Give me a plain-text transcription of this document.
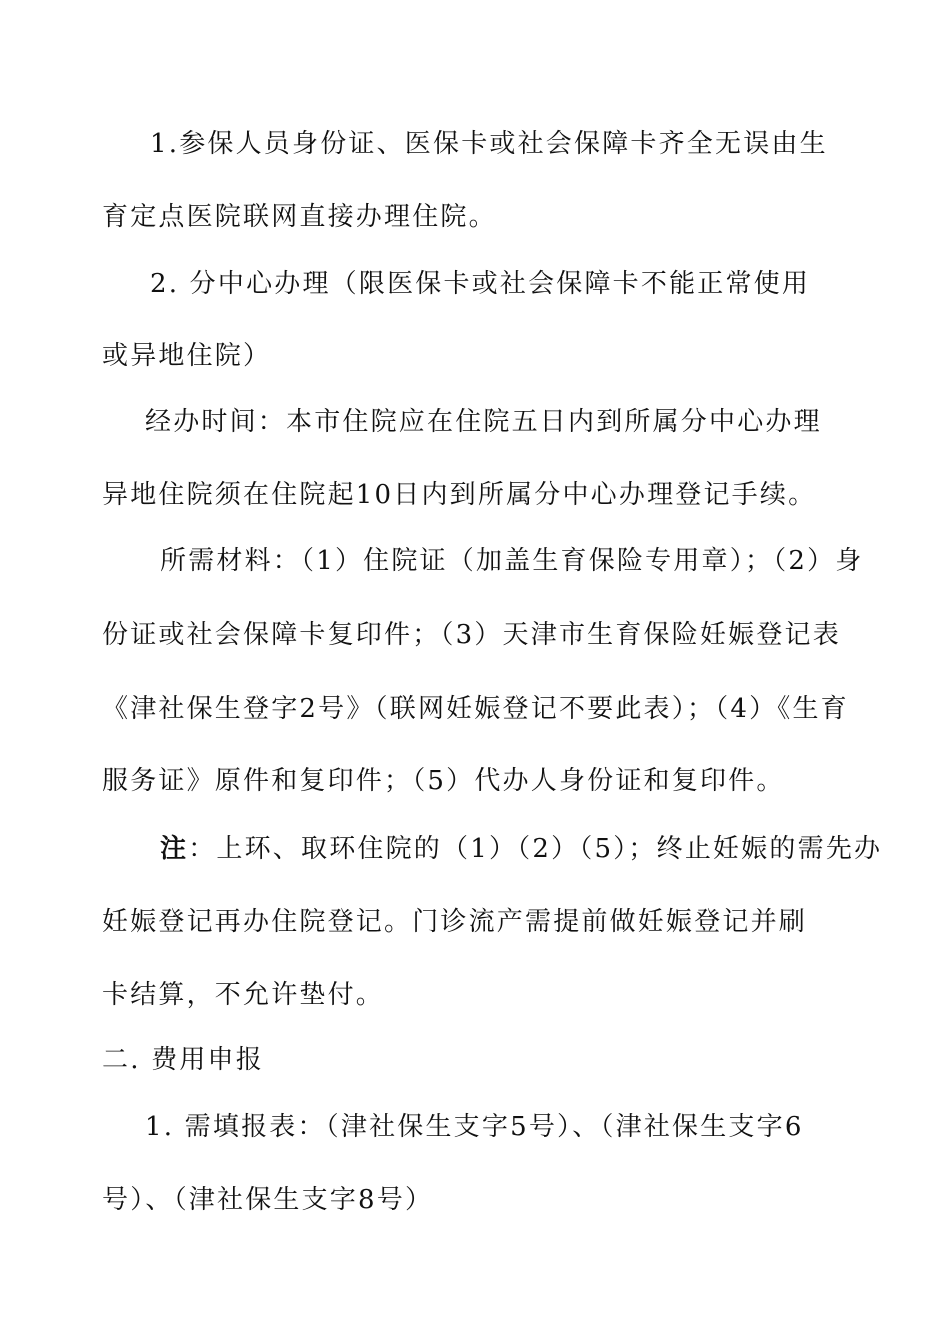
1.参保人员身份证、医保卡或社会保障卡齐全无误由生
育定点医院联网直接办理住院。
2. 分中心办理（限医保卡或社会保障卡不能正常使用
或异地住院）
经办时间：本市住院应在住院五日内到所属分中心办理
异地住院须在住院起10日内到所属分中心办理登记手续。
所需材料：（1）住院证（加盖生育保险专用章）；（2）身
份证或社会保障卡复印件；（3）天津市生育保险妊娠登记表
《津社保生登字2号》（联网妊娠登记不要此表）；（4）《生育
服务证》原件和复印件；（5）代办人身份证和复印件。
注：上环、取环住院的（1）（2）（5）；终止妊娠的需先办
妊娠登记再办住院登记。门诊流产需提前做妊娠登记并刷
卡结算，不允许垫付。
二. 费用申报
1. 需填报表：（津社保生支字5号）、（津社保生支字6
号）、（津社保生支字8号）
